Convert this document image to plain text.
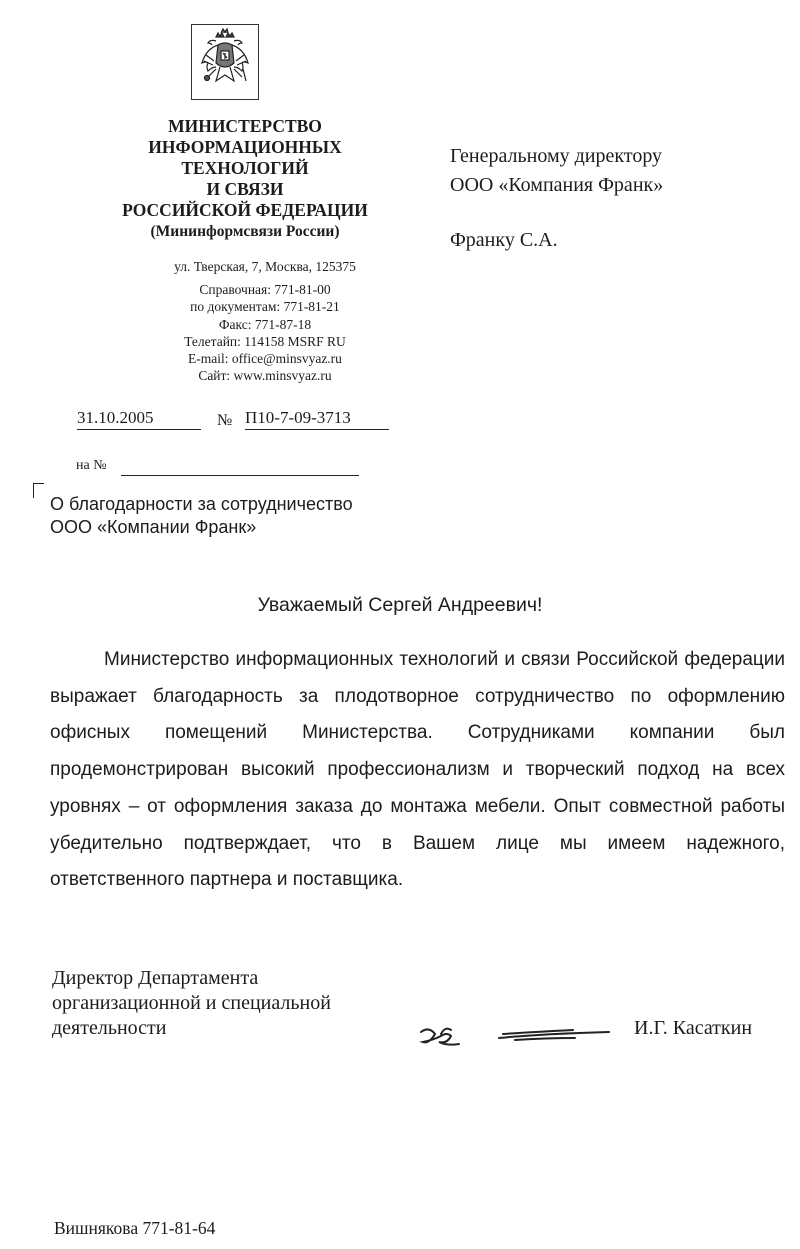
МИНИСТЕРСТВО
ИНФОРМАЦИОННЫХ
ТЕХНОЛОГИЙ
И СВЯЗИ
РОССИЙСКОЙ ФЕДЕРАЦИИ
(Мининформсвязи России)
ул. Тверская, 7, Москва, 125375
Справочная: 771-81-00
по документам: 771-81-21
Факс: 771-87-18
Телетайп: 114158 MSRF RU
E-mail: office@minsvyaz.ru
Сайт: www.minsvyaz.ru
Генеральному директору
ООО «Компания Франк»
Франку С.А.
31.10.2005	№ П10-7-09-3713
на №
О благодарности за сотрудничество
ООО «Компании Франк»
Уважаемый Сергей Андреевич!

Министерство информационных технологий и связи Российской федерации выражает благодарность за плодотворное сотрудничество по оформлению офисных помещений Министерства. Сотрудниками компании был продемонстрирован высокий профессионализм и творческий подход на всех уровнях – от оформления заказа до монтажа мебели. Опыт совместной работы убедительно подтверждает, что в Вашем лице мы имеем надежного, ответственного партнера и поставщика.

Директор Департамента
организационной и специальной
деятельности	И.Г. Касаткин
Вишнякова 771-81-64
